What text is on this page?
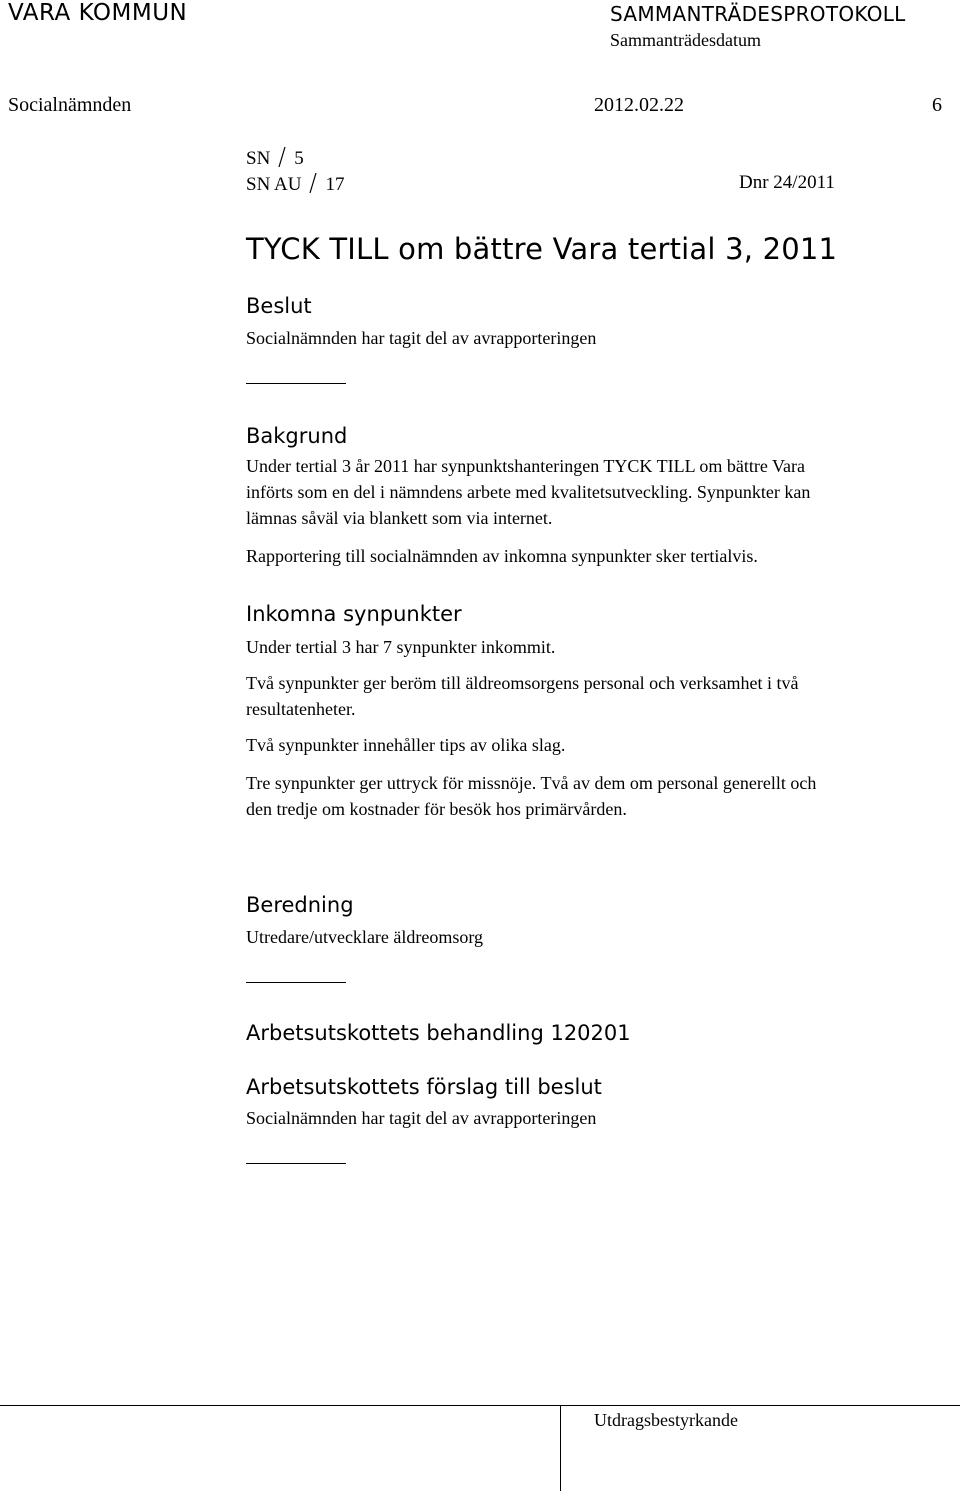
VARA KOMMUN	SAMMANTRÄDESPROTOKOLL
Sammanträdesdatum
Socialnämnden	2012.02.22	6
SN 5
SN AU 17	Dnr 24/2011
TYCK TILL om bättre Vara tertial 3, 2011
Beslut
Socialnämnden har tagit del av avrapporteringen
Bakgrund
Under tertial 3 år 2011 har synpunktshanteringen TYCK TILL om bättre Vara
införts som en del i nämndens arbete med kvalitetsutveckling. Synpunkter kan
lämnas såväl via blankett som via internet.
Rapportering till socialnämnden av inkomna synpunkter sker tertialvis.
Inkomna synpunkter
Under tertial 3 har 7 synpunkter inkommit.
Två synpunkter ger beröm till äldreomsorgens personal och verksamhet i två
resultatenheter.
Två synpunkter innehåller tips av olika slag.
Tre synpunkter ger uttryck för missnöje. Två av dem om personal generellt och
den tredje om kostnader för besök hos primärvården.
Beredning
Utredare/utvecklare äldreomsorg
Arbetsutskottets behandling 120201
Arbetsutskottets förslag till beslut
Socialnämnden har tagit del av avrapporteringen
Utdragsbestyrkande
